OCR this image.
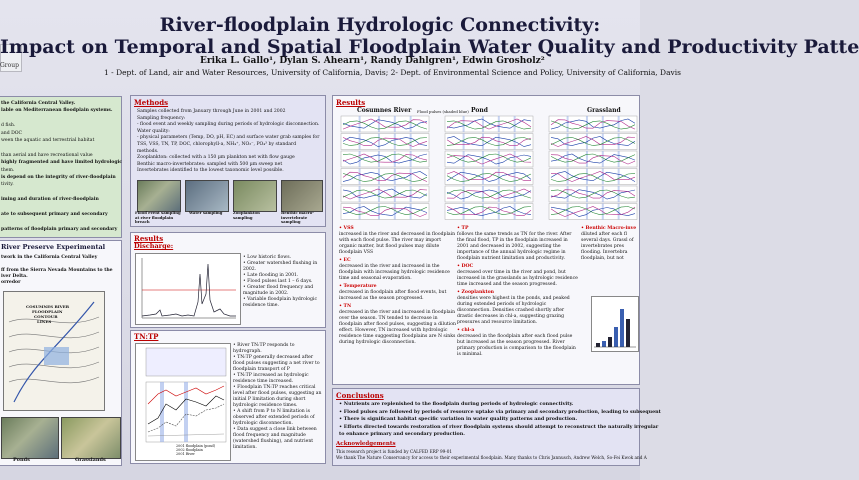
Group
River-floodplain Hydrologic Connectivity:
Impact on Temporal and Spatial Floodplain Water Quality and Productivity Patte
Erika L. Gallo¹, Dylan S. Ahearn¹, Randy Dahlgren¹, Edwin Grosholz²
1 - Dept. of Land, air and Water Resources, University of California, Davis; 2- Dept. of Environmental Science and Policy, University of California, Davis
the California Central Valley.
lable on Mediterranean floodplain systems.
d fish.
and DOC
ween the aquatic and terrestrial habitat
than aerial and have recreational value
highly fragmented and have limited hydrologic
them.
is depend on the integrity of river-floodplain
tivity.
iming and duration of river-floodplain
ate to subsequent primary and secondary
patterns of floodplain primary and secondary
River Preserve Experimental
twork in the California Central Valley
ff from the Sierra Nevada Mountains to the
iver Delta.
orredor
COSUMNES RIVER
FLOODPLAIN
CONTOUR
LINES
Ponds	Grasslands
Methods
Samples collected from January through June in 2001 and 2002
Sampling frequency:
- flood event and weekly sampling during periods of hydrologic disconnection.
Water quality:
- physical parameters (Temp, DO, pH, EC) and surface water grab samples for
TSS, VSS, TN, TP, DOC, chlorophyll-a, NH₄⁺, NO₃⁻, PO₄³ by standard
methods.
Zooplankton: collected with a 150 µm plankton net with flow gauge
Benthic macro-invertebrates: sampled with 500 µm sweep net
Invertebrates identified to the lowest taxonomic level possible.
Flood event sampling at river floodplain breach
Water sampling	Zooplankton sampling
Benthic macro-invertebrate sampling
Results
Discharge:
• Low historic flows.
• Greater watershed flushing in 2002.
• Late flooding in 2001.
• Flood pulses last 1 – 6 days.
• Greater flood frequency and magnitude in 2002.
• Variable floodplain hydrologic residence time.
TN:TP
2001 floodplain (pond)
2002 floodplain
2001 River
• River TN:TP responds to hydrograph.
• TN:TP generally decreased after flood pulses suggesting a net river to floodplain transport of P
• TN:TP increased as hydrologic residence time increased.
• Floodplain TN:TP reaches critical level after flood pulses, suggesting an initial P limitation during short hydrologic residence times.
• A shift from P to N limitation is observed after extended periods of hydrologic disconnection.
• Data suggest a close link between flood frequency and magnitude (watershed flushing), and nutrient limitation.
Results
Cosumnes River Flood pulses (shaded blue) Pond	Grassland
• VSS
increased in the river and decreased in floodplain with each flood pulse. The river may import organic matter, but flood pulses may dilute floodplain VSS
• EC
decreased in the river and increased in the floodplain with increasing hydrologic residence time and seasonal evaporation.
• Temperature
decreased in floodplain after flood events, but increased as the season progressed.
• TN
decreased in the river and increased in floodplain over the season. TN tended to decrease in floodplain after flood pulses, suggesting a dilution effect. However, TN increased with hydrologic residence time suggesting floodplains are N sinks during hydrologic disconnection.
• TP
follows the same trends as TN for the river. After the final flood, TP in the floodplain increased in 2001 and decreased in 2002, suggesting the importance of the annual hydrologic regime in floodplain nutrient limitation and productivity.
• DOC
decreased over time in the river and pond, but increased in the grasslands as hydrologic residence time increased and the season progressed.
• Zooplankton
densities were highest in the ponds, and peaked during extended periods of hydrologic disconnection. Densities crashed shortly after drastic decreases in chl-a, suggesting grazing pressures and resource limitation.
• chl-a
decreased in the floodplain after each flood pulse but increased as the season progressed. River primary production is comparison to the floodplain is minimal.
• Benthic Macro-inve
diluted after each fl several days. Grassl of invertebrates pres flooding. Invertebra floodplain, but not
Conclusions
• Nutrients are replenished to the floodplain during periods of hydrologic connectivity.
• Flood pulses are followed by periods of resource uptake via primary and secondary production, leading to subsequent
• There is significant habitat specific variation in water quality patterns and production.
• Efforts directed towards restoration of river floodplain systems should attempt to reconstruct the naturally irregular
to enhance primary and secondary production.
Acknowledgements
This research project is funded by CALFED ERP 99-01
We thank The Nature Conservancy for access to their experimental floodplain. Many thanks to Chris Jannusch, Andrew Welch, So-Fei Kwok and A
